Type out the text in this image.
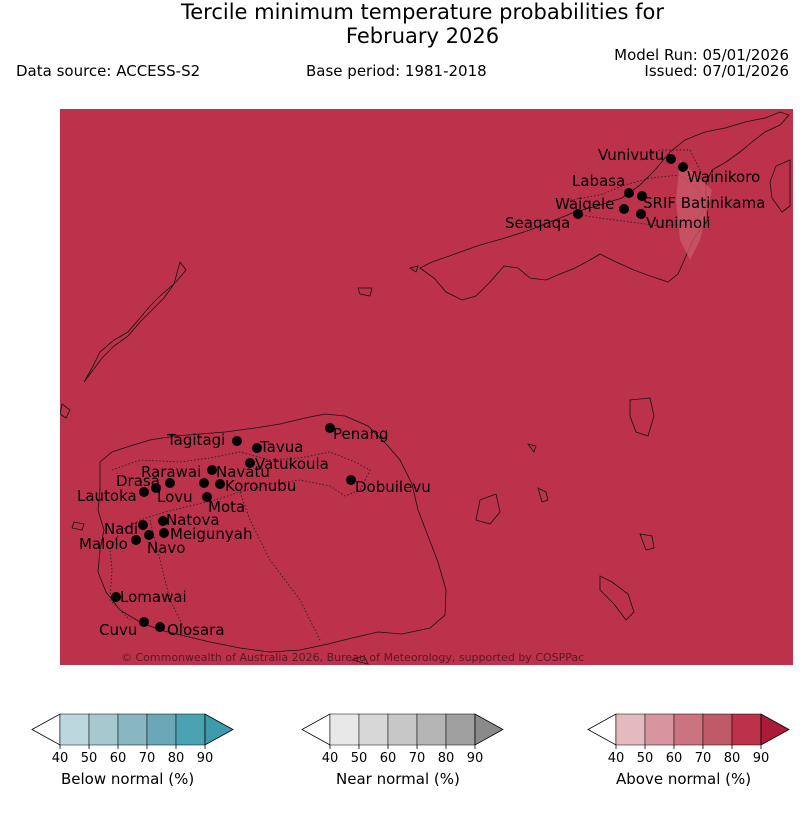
Tercile minimum temperature probabilities for
February 2026
Data source: ACCESS-S2	Base period: 1981-2018
Model Run: 05/01/2026
Issued: 07/01/2026
Vunivutu
Wainikoro
Labasa
SRIF Batinikama
Waiqele
Seaqaqa	Vunimoli
Penang
Tagitagi Tavua
Vatukoula
Rarawai Navatu
Drasa	Koronubu
Lautoka Lovu
Dobuilevu
Mota
Natova
Nadi Meigunyah
Navo
Malolo
Lomawai
Cuvu Olosara
© Commonwealth of Australia 2026, Bureau of Meteorology, supported by COSPPac
40 50 60 70 80 90
Below normal (%)
40 50 60 70 80 90
Near normal (%)
40 50 60 70 80 90
Above normal (%)
